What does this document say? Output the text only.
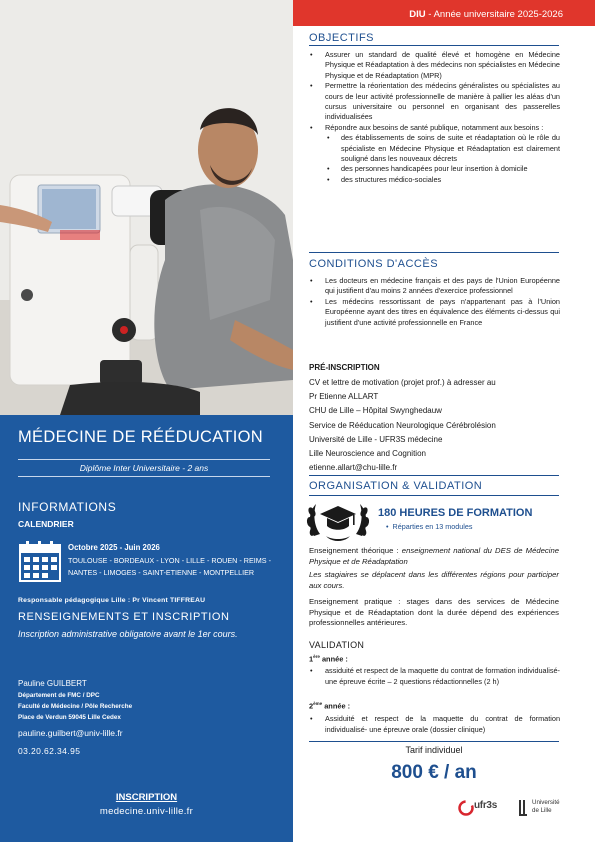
MÉDECINE DE RÉÉDUCATION
Diplôme Inter Universitaire - 2 ans
INFORMATIONS
CALENDRIER
Octobre 2025 - Juin 2026
TOULOUSE - BORDEAUX - LYON - LILLE - ROUEN - REIMS - NANTES - LIMOGES - SAINT-ETIENNE - MONTPELLIER
Responsable pédagogique Lille : Pr Vincent TIFFREAU
RENSEIGNEMENTS ET INSCRIPTION
Inscription administrative obligatoire avant le 1er cours.
Pauline GUILBERT
Département de FMC / DPC
Faculté de Médecine / Pôle Recherche
Place de Verdun 59045 Lille Cedex
pauline.guilbert@univ-lille.fr
03.20.62.34.95
INSCRIPTION
medecine.univ-lille.fr
DIU - Année universitaire 2025-2026
OBJECTIFS
• Assurer un standard de qualité élevé et homogène en Médecine Physique et Réadaptation à des médecins non spécialistes en Médecine Physique et de Réadaptation (MPR)
• Permettre la réorientation des médecins généralistes ou spécialistes au cours de leur activité professionnelle de manière à pallier les aléas d'un cursus universitaire ou personnel en organisant des passerelles individualisées
• Répondre aux besoins de santé publique, notamment aux besoins :
• des établissements de soins de suite et réadaptation où le rôle du spécialiste en Médecine Physique et Réadaptation est clairement souligné dans les nouveaux décrets
• des personnes handicapées pour leur insertion à domicile
• des structures médico-sociales
CONDITIONS D'ACCÈS
• Les docteurs en médecine français et des pays de l'Union Européenne qui justifient d'au moins 2 années d'exercice professionnel
• Les médecins ressortissant de pays n'appartenant pas à l'Union Européenne ayant des titres en équivalence des éléments ci-dessus qui justifient d'une activité professionnelle en France
PRÉ-INSCRIPTION
CV et lettre de motivation (projet prof.) à adresser au
Pr Etienne ALLART
CHU de Lille – Hôpital Swynghedauw
Service de Rééducation Neurologique Cérébrolésion
Université de Lille - UFR3S médecine
Lille Neuroscience and Cognition
etienne.allart@chu-lille.fr
ORGANISATION & VALIDATION
180 HEURES DE FORMATION
•  Réparties en 13 modules
Enseignement théorique : enseignement national du DES de Médecine Physique et de Réadaptation
Les stagiaires se déplacent dans les différentes régions pour participer aux cours.
Enseignement pratique : stages dans des services de Médecine Physique et de Réadaptation dont la durée dépend des expériences professionnelles antérieures.
VALIDATION
1ère année :
• assiduité et respect de la maquette du contrat de formation individualisé- une épreuve écrite – 2 questions rédactionnelles (2 h)
2ème année :
• Assiduité et respect de la maquette du contrat de formation individualisé- une épreuve orale (dossier clinique)
Tarif individuel
800 € / an
ufr3s	Université
de Lille
